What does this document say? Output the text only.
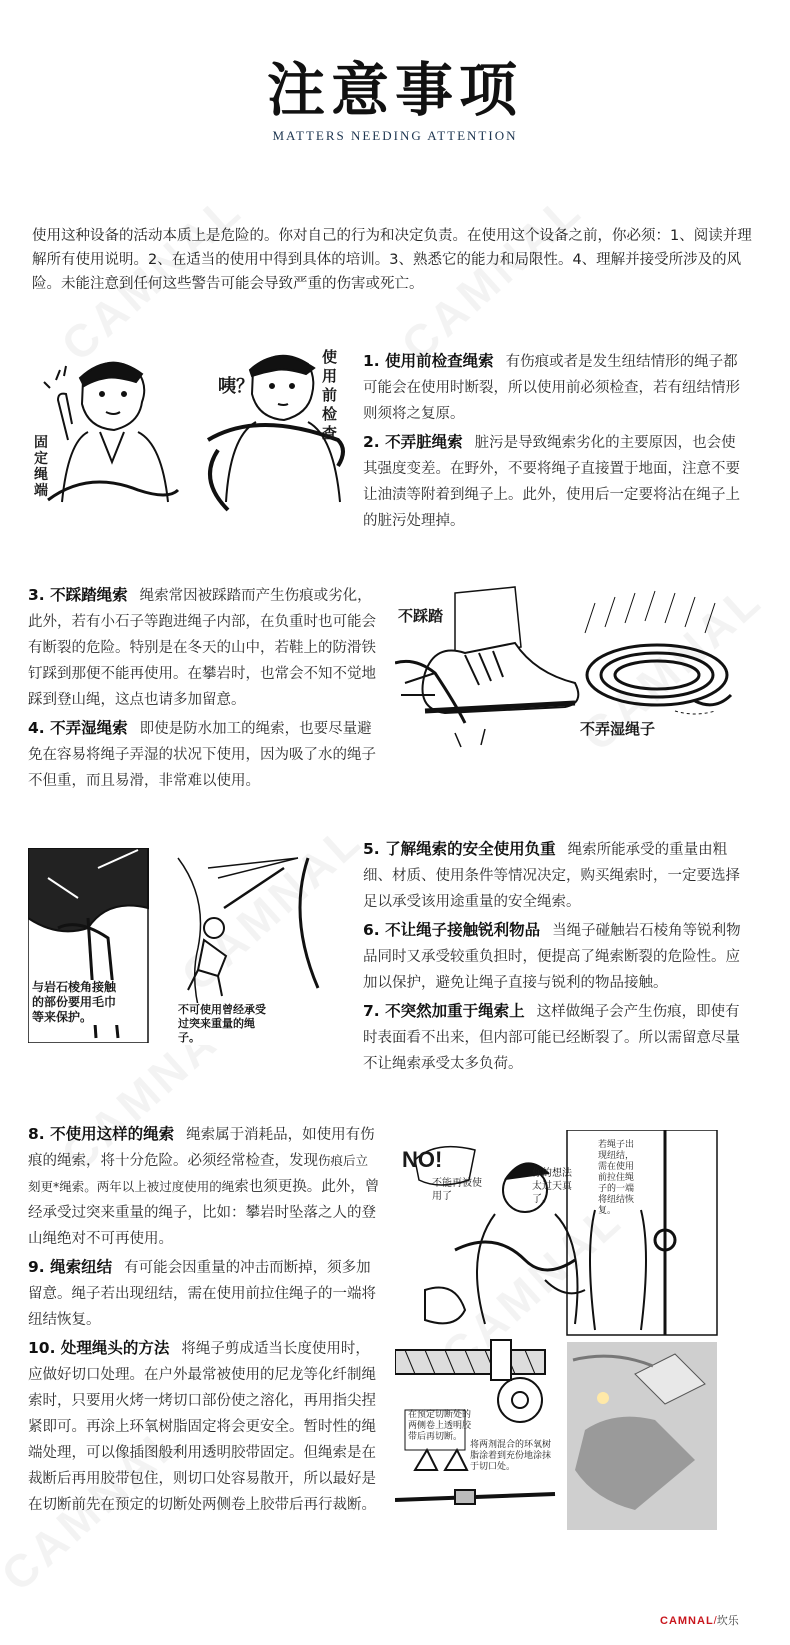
注意事项
MATTERS NEEDING ATTENTION
使用这种设备的活动本质上是危险的。你对自己的行为和决定负责。在使用这个设备之前，你必须：1、阅读并理解所有使用说明。2、在适当的使用中得到具体的培训。3、熟悉它的能力和局限性。4、理解并接受所涉及的风险。未能注意到任何这些警告可能会导致严重的伤害或死亡。
固定绳端
咦？
使用前检查

1. 使用前检查绳索 有伤痕或者是发生纽结情形的绳子都可能会在使用时断裂，所以使用前必须检查，若有纽结情形则须将之复原。

2. 不弄脏绳索 脏污是导致绳索劣化的主要原因，也会使其强度变差。在野外，不要将绳子直接置于地面，注意不要让油渍等附着到绳子上。此外，使用后一定要将沾在绳子上的脏污处理掉。

3. 不踩踏绳索 绳索常因被踩踏而产生伤痕或劣化，此外，若有小石子等跑进绳子内部，在负重时也可能会有断裂的危险。特别是在冬天的山中，若鞋上的防滑铁钉踩到那便不能再使用。在攀岩时，也常会不知不觉地踩到登山绳，这点也请多加留意。

4. 不弄湿绳索 即使是防水加工的绳索，也要尽量避免在容易将绳子弄湿的状况下使用，因为吸了水的绳子不但重，而且易滑，非常难以使用。

不踩踏
不弄湿绳子
与岩石棱角接触的部份要用毛巾等来保护。
不可使用曾经承受过突来重量的绳子。

5. 了解绳索的安全使用负重 绳索所能承受的重量由粗细、材质、使用条件等情况决定，购买绳索时，一定要选择足以承受该用途重量的安全绳索。

6. 不让绳子接触锐利物品 当绳子碰触岩石棱角等锐利物品同时又承受较重负担时，便提高了绳索断裂的危险性。应加以保护，避免让绳子直接与锐利的物品接触。

7. 不突然加重于绳索上 这样做绳子会产生伤痕，即使有时表面看不出来，但内部可能已经断裂了。所以需留意尽量不让绳索承受太多负荷。

8. 不使用这样的绳索 绳索属于消耗品，如使用有伤痕的绳索，将十分危险。必须经常检查，发现伤痕后立刻更*绳索。两年以上被过度使用的绳索也须更换。此外，曾经承受过突来重量的绳子，比如：攀岩时坠落之人的登山绳绝对不可再使用。

9. 绳索纽结 有可能会因重量的冲击而断掉，须多加留意。绳子若出现纽结，需在使用前拉住绳子的一端将纽结恢复。

10. 处理绳头的方法 将绳子剪成适当长度使用时，应做好切口处理。在户外最常被使用的尼龙等化纤制绳索时，只要用火烤一烤切口部份使之溶化，再用指尖捏紧即可。再涂上环氧树脂固定将会更安全。暂时性的绳端处理，可以像插图般利用透明胶带固定。但绳索是在裁断后再用胶带包住，则切口处容易散开，所以最好是在切断前先在预定的切断处两侧卷上胶带后再行裁断。

NO!
不能再被使用了
你的想法太过天真了。
若绳子出现纽结，需在使用前拉住绳子的一端将纽结恢复。
在预定切断处的两侧卷上透明胶带后再切断。
将两剂混合的环氧树脂涂着到充份地涂抹于切口处。
CAMNAL/坎乐
